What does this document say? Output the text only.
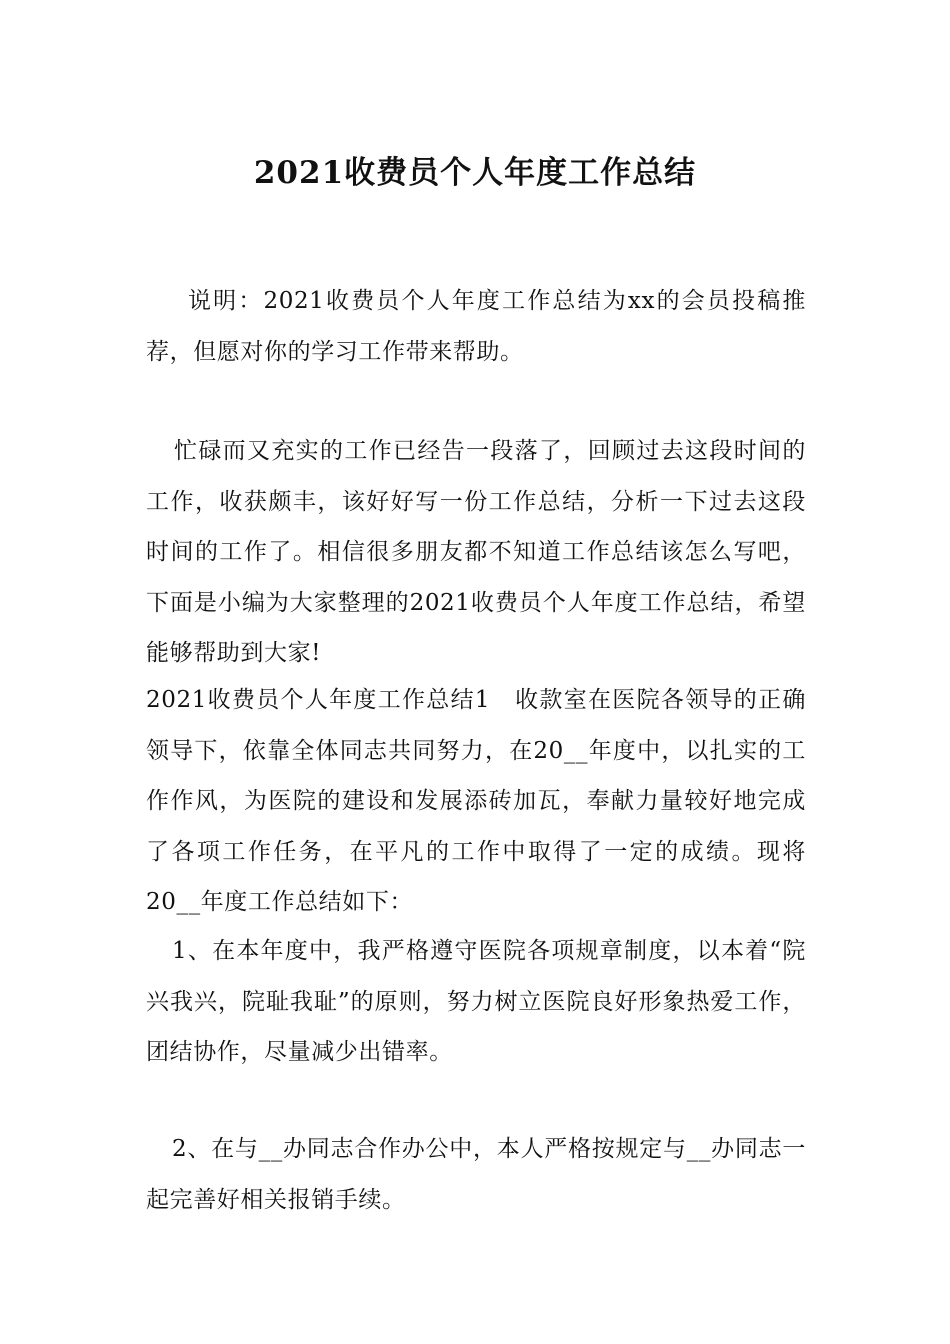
2021收费员个人年度工作总结

说明：2021收费员个人年度工作总结为xx的会员投稿推荐，但愿对你的学习工作带来帮助。

忙碌而又充实的工作已经告一段落了，回顾过去这段时间的工作，收获颇丰，该好好写一份工作总结，分析一下过去这段时间的工作了。相信很多朋友都不知道工作总结该怎么写吧，下面是小编为大家整理的2021收费员个人年度工作总结，希望能够帮助到大家!

2021收费员个人年度工作总结1　收款室在医院各领导的正确领导下，依靠全体同志共同努力，在20__年度中，以扎实的工作作风，为医院的建设和发展添砖加瓦，奉献力量较好地完成了各项工作任务，在平凡的工作中取得了一定的成绩。现将20__年度工作总结如下：

1、在本年度中，我严格遵守医院各项规章制度，以本着“院兴我兴，院耻我耻”的原则，努力树立医院良好形象热爱工作，团结协作，尽量减少出错率。

2、在与__办同志合作办公中，本人严格按规定与__办同志一起完善好相关报销手续。
